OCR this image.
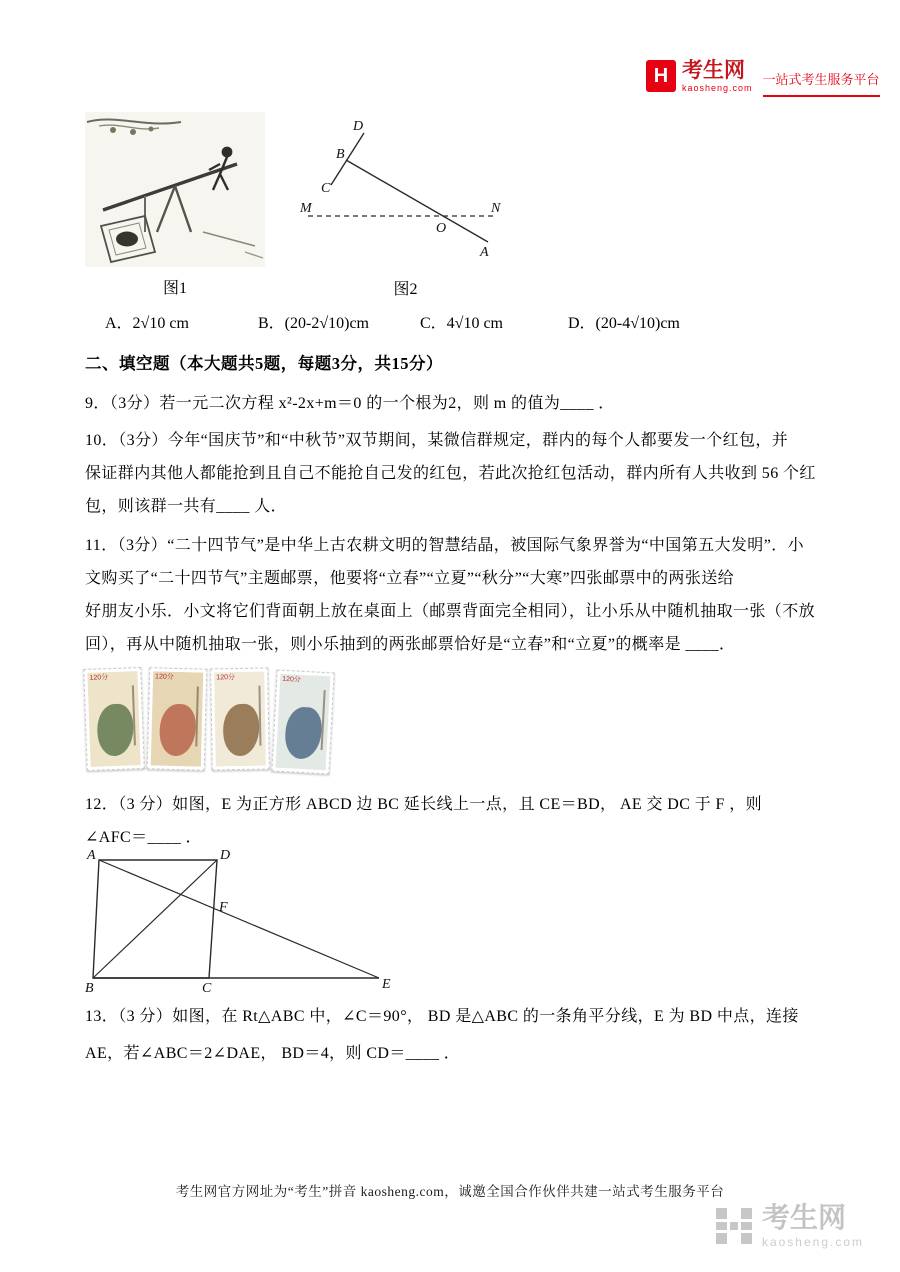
H 考生网
kaosheng.com
一站式考生服务平台
图1
D
B
C
M	N
O
A
图2
A．2√10 cm	B．(20-2√10)cm	C．4√10 cm	D．(20-4√10)cm
二、填空题（本大题共5题，每题3分，共15分）
9．（3分）若一元二次方程 x²-2x+m＝0 的一个根为2，则 m 的值为____ ．
10．（3分）今年“国庆节”和“中秋节”双节期间，某微信群规定，群内的每个人都要发一个红包，并
保证群内其他人都能抢到且自己不能抢自己发的红包，若此次抢红包活动，群内所有人共收到 56 个红
包，则该群一共有____ 人．
11．（3分）“二十四节气”是中华上古农耕文明的智慧结晶，被国际气象界誉为“中国第五大发明”．小
文购买了“二十四节气”主题邮票，他要将“立春”“立夏”“秋分”“大寒”四张邮票中的两张送给
好朋友小乐．小文将它们背面朝上放在桌面上（邮票背面完全相同），让小乐从中随机抽取一张（不放
回），再从中随机抽取一张，则小乐抽到的两张邮票恰好是“立春”和“立夏”的概率是 ____．
120分	120分	120分	120分
12．（3 分）如图，E 为正方形 ABCD 边 BC 延长线上一点，且 CE＝BD， AE 交 DC 于 F ，则
∠AFC＝____ ．
A	D
F
B	C	E
13．（3 分）如图，在 Rt△ABC 中，∠C＝90°， BD 是△ABC 的一条角平分线，E 为 BD 中点，连接
AE，若∠ABC＝2∠DAE， BD＝4，则 CD＝____ ．
考生网官方网址为“考生”拼音 kaosheng.com，诚邀全国合作伙伴共建一站式考生服务平台
考生网
kaosheng.com
